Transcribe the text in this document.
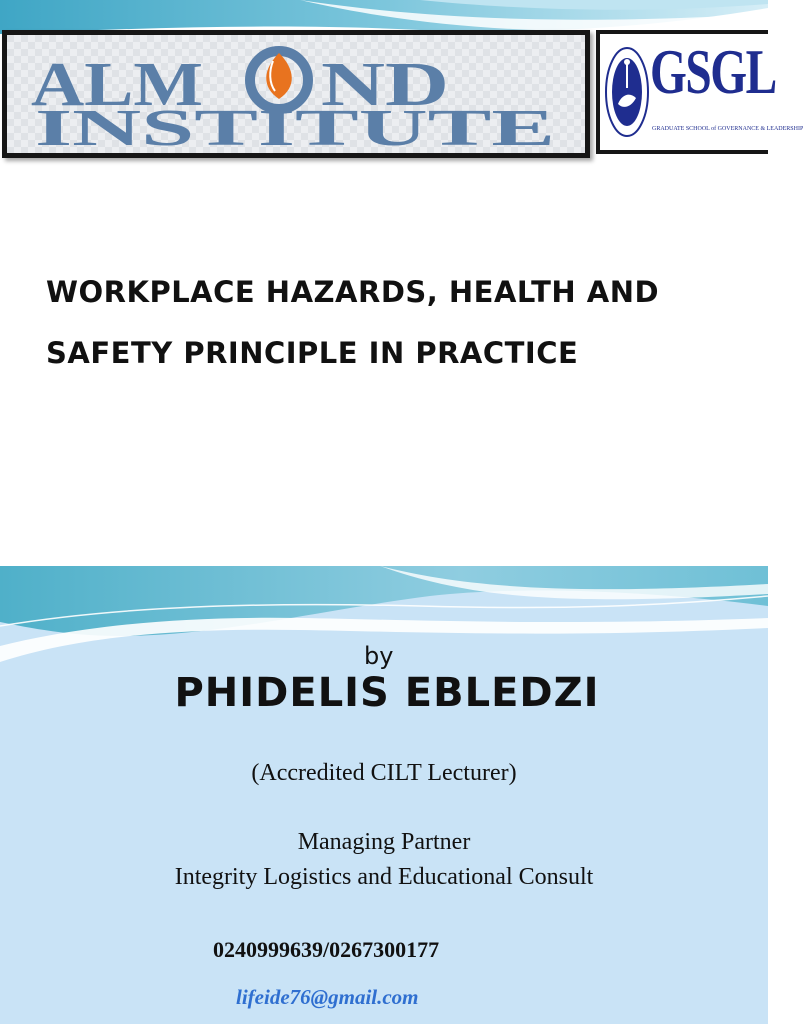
ALM ND
INSTITUTE
GSGL
GRADUATE SCHOOL of GOVERNANCE & LEADERSHIP
WORKPLACE HAZARDS, HEALTH AND
SAFETY PRINCIPLE IN PRACTICE
by
PHIDELIS EBLEDZI
(Accredited CILT Lecturer)
Managing Partner
Integrity Logistics and Educational Consult
0240999639/0267300177
lifeide76@gmail.com
